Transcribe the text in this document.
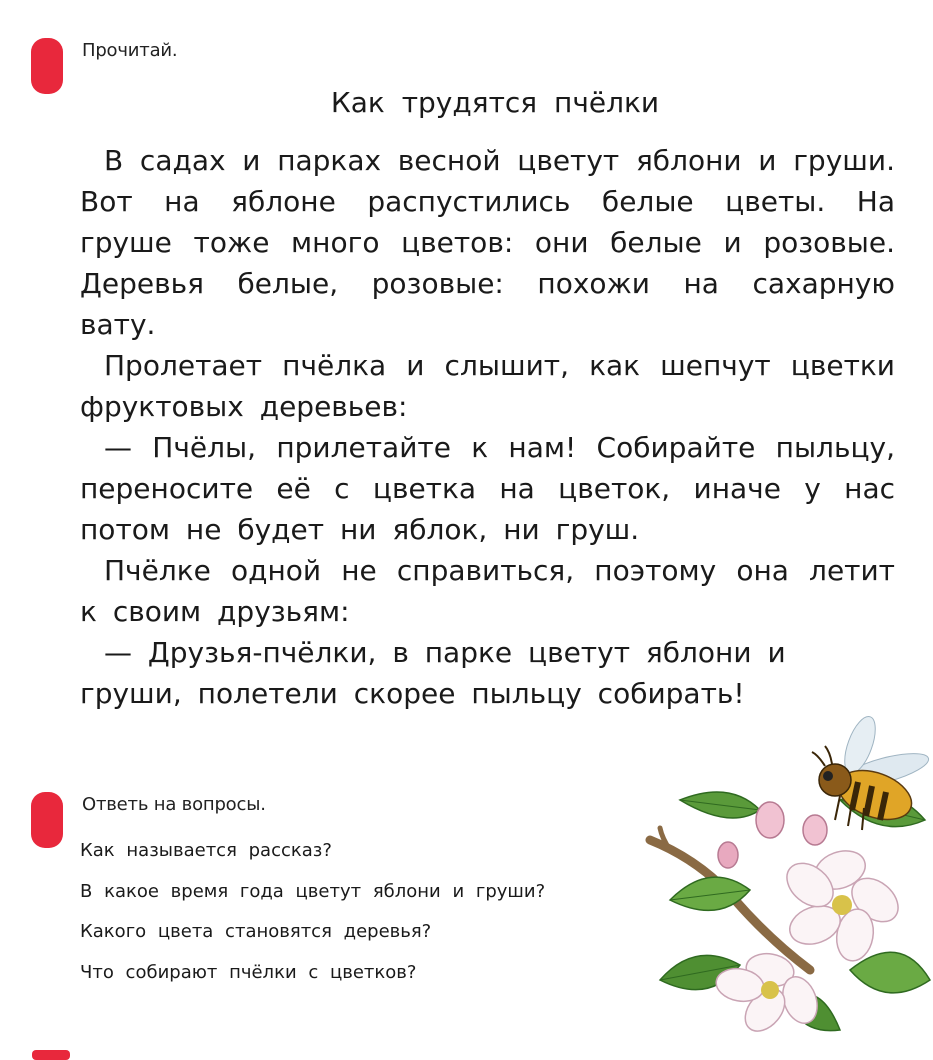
Прочитай.
Как трудятся пчёлки

В садах и парках весной цветут яблони и груши. Вот на яблоне распустились белые цветы. На груше тоже много цветов: они белые и розовые. Деревья белые, розовые: похожи на сахарную вату.

Пролетает пчёлка и слышит, как шепчут цветки фруктовых деревьев:

— Пчёлы, прилетайте к нам! Собирайте пыльцу, переносите её с цветка на цветок, иначе у нас потом не будет ни яблок, ни груш.

Пчёлке одной не справиться, поэтому она летит к своим друзьям:

— Друзья-пчёлки, в парке цветут яблони и груши, полетели скорее пыльцу собирать!

Ответь на вопросы.

Как называется рассказ?

В какое время года цветут яблони и груши?

Какого цвета становятся деревья?

Что собирают пчёлки с цветков?
